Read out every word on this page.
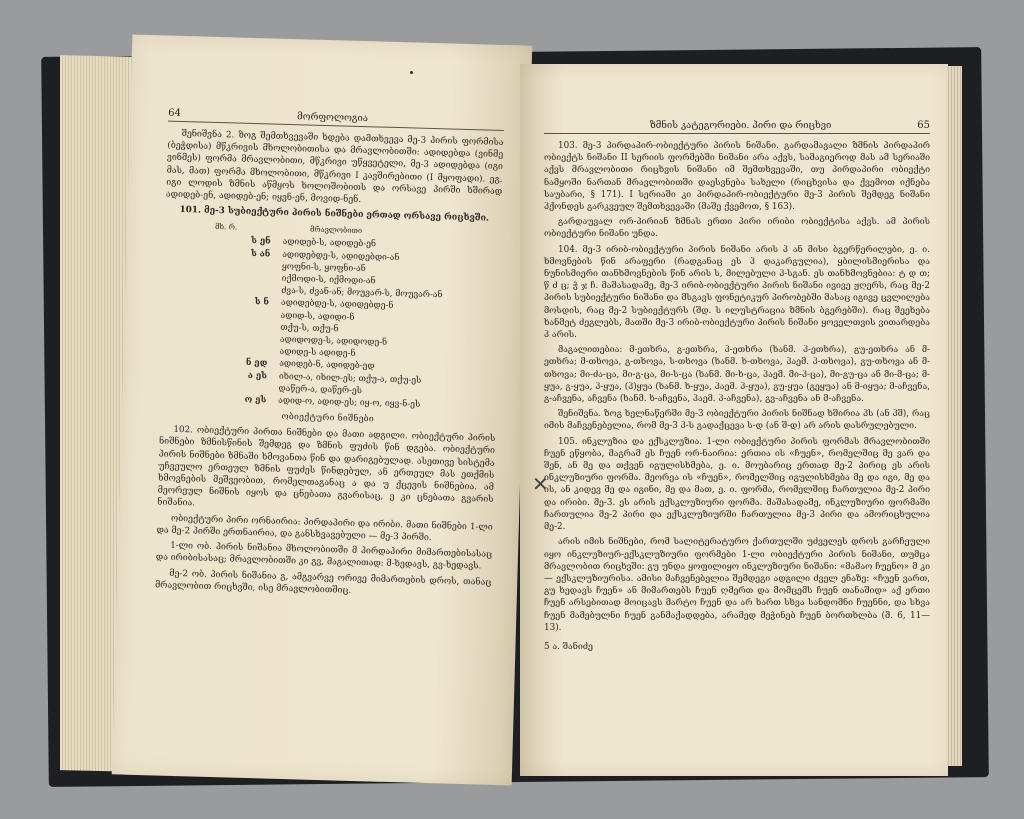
64	მორფოლოგია

შენიშვნა 2. ზოგ შემთხვევაში ხდება დამთხვევა მე-3 პირის ფორმისა (ბეჭდისა) მწკრივის მხოლობითისა და მრავლობითში: ადიდებდა (ვინმე ვინმეს) ფორმა მრავლობითი, მწკრივი უწყვეტელი, მე-3 ადიდებდა (იგი მას, მათ) ფორმა მხოლობითი, მწკრივი I კავშირებითი (I მყოფადი). ეგ. იგი ლოდის ზმნის აწმყოს ხოლოშობითს და ორსავე პირში ხშირად ადიდებ-ენ, ადიდებ-ენ; იყვნ-ენ, მოვიდ-ნენ.

101. მე-3 სუბიექტური პირის ნიშნები ერთად ორსავე რიცხვში.

მხ. რ.	მრავლობითი
ს ენ	ადიდებ-ს, ადიდებ-ენ
ს ან	ადიდებდე-ს, ადიდებდი-ან
ყოფნი-ს, ყოფნი-ან
იქმოდი-ს, იქმოდი-ან
ძვა-ს, ძვან-ან; მოუვარ-ს, მოუვარ-ან
ს ნ	ადიდებდე-ს, ადიდებდე-ნ
ადიდ-ს, ადიდი-ნ
თქუ-ს, თქუ-ნ
ადიდოდე-ს, ადიდოდე-ნ
ადიდე-ს ადიდე-ნ
ნ ედ	ადიდებ-ნ, ადიდებ-ედ
ა ეს	იხილ-ა, იხილ-ეს; თქუ-ა, თქუ-ეს
დაწერ-ა, დაწერ-ეს
ო ეს	ადიდ-ო, ადიდ-ეს; იყ-ო, იყვ-ნ-ეს
ობიექტური ნიშნები

102. ობიექტური პირთა ნიშნები და მათი ადგილი. ობიექტური პირის ნიშნები ზმნისწინის შემდეგ და ზმნის ფუძის წინ დგება. ობიექტური პირის ნიშნები ზმნაში ხმოვანთა წინ და დარიგებულად. ასეთივე სისტემა უჩვეულო ერთეულ ზმნის ფუძეს წინდებულ, ან ერთეულ მას ეთქმის ხმოვნების მეშვეობით, რომელთაგანაც ა და უ ქცევის ნიშნებია. ამ მეორეულ ნიშნის იყოს და ცნებათა გვარისაც, ე კი ცნებათა გვარის ნიშანია.

ობიექტური პირი ორნაირია: პირდაპირი და ირიბი. მათი ნიშნები 1-ლი და მე-2 პირში ერთნაირია, და განსხვავებული — მე-3 პირში.

1-ლი ობ. პირის ნიშანია მხოლობითში მ პირდაპირი მიმართებისასაც და ირიბისასაც; მრავლობითში კი გვ, მაგალითად: მ-ხედავს, გვ-ხედავს.

მე-2 ობ. პირის ნიშანია გ, ამგვარვე ორივე მიმართების დროს, თანაც მრავლობით რიცხვში, ისე მრავლობითშიც.

ზმნის კატეგორიები. პირი და რიცხვი	65

103. მე-3 პირდაპირ-ობიექტური პირის ნიშანი. გარდამავალი ზმნის პირდაპირ ობიექტს ნიშანი II სერიის ფორმებში ნიშანი არა აქვს, სამაგიეროდ მას ამ სერიაში აქვს მრავლობითი რიცხვის ნიშანი იმ შემთხვევაში, თუ პირდაპირი ობიექტი ნამყოში ნართან მრავლობითში დაესვნება სახელი (რიცხვისა და ქვემოთ იქნება საუბარი, § 171). I სერიაში კი პირდაპირ-ობიექტური მე-3 პირის შემდეგ ნიშანი ჰქონდეს გარკვეულ შემთხვევაში (მაშე ქვემოთ, § 163).

გარდაუვალ ორ-პირიან ზმნას ერთი პირი ირიბი ობიექტისა აქვს. ამ პირის ობიექტური ნიშანი უნდა.

104. მე-3 ირიბ-ობიექტური პირის ნიშანი არის ჰ ან მისი ბგერწერილები, ე. ი. ხმოვნების წინ არაფერი (რადგანაც ეს ჰ დაკარგულია), ყბილისმიერისა და ნუნისმიერი თანხმოვნების წინ არის ს, მილებული ჰ-სგან. ეს თანხმოვნებია: ტ დ თ; წ ძ ც; ჭ ჯ ჩ. მაშასადამე, მე-3 ირიბ-ობიექტური პირის ნიშანი ივივე ჟღერს, რაც მე-2 პირის სუბიექტური ნიშანი და მსგავს ფონეტიკურ პირობებში მასაც იგივე ცვლილება მოსდის, რაც მე-2 სუბიექტურს (შდ. ს ილუსტრაცია ზმნის ბგერებში). რაც შეეხება ხანმეტ ძეგლებს, მათში მე-3 ირიბ-ობიექტური პირის ნიშანი ყოველთვის ვითარდება ჰ არის.

მაგალითებია: მ-ეთხრა, გ-ეთხრა, ჰ-ეთხრა (ხანმ. ჰ-ეთხრა), გუ-ეთხრა ან მ-ეთხრა; მ-თხოვა, გ-თხოვა, ს-თხოვა (ხანმ. ხ-თხოვა, ჰაემ. ჰ-თხოვა), გუ-თხოვა ან მ-თხოვა; მი-ძა-ცა, მი-გ-ცა, მი-ს-ცა (ხანმ. მი-ხ-ცა, ჰაემ. მი-ჰ-ცა), მი-გუ-ცა ან მი-მ-ცა; მ-ყუა, გ-ყუა, ჰ-ყუა, (ჰ)ყუა (ხანმ. ხ-ყუა, ჰაემ. ჰ-ყუა), გუ-ყუა (გეყუა) ან მ-იყუა; მ-აჩვენა, გ-აჩვენა, აჩვენა (ხანმ. ხ-აჩვენა, ჰაემ. ჰ-აჩვენა), გვ-აჩვენა ან მ-აჩვენა.

შენიშვნა. ზოგ ხელნაწერში მე-3 ობიექტური პირის ნიშნად ხშირია ჰს (ან ჰშ), რაც იმის მაჩვენებელია, რომ მე-3 ჰ-ს გადაქცევა ს-დ (ან შ-დ) არ არის დასრულებული.

105. ინკლუზია და ექსკლუზია. 1-ლი ობიექტური პირის ფორმას მრავლობითში ჩუენ ეწყობა, მაგრამ ეს ჩუენ ორ-ნაირია: ერთია ის «ჩუენ», რომელშიც მე ვარ და შენ, ან მე და თქვენ იგულისხმება, ე. ი. მოუბარიც ერთად მე-2 პირიც ეს არის ინკლუზიური ფორმა. მეორეა ის «ჩუენ», რომელშიც იგულისხმება მე და იგი, მე და ის, ან კიდევ მე და იგინი, მე და მათ, ე. ი. ფორმა, რომელშიც ჩართულია მე-2 პირი და ირიბი. მე-3. ეს არის ექსკლუზიური ფორმა. მაშასადამე, ინკლუზიური ფორმაში ჩართულია მე-2 პირი და ექსკლუზიურში ჩართულია მე-3 პირი და ამორიცხულია მე-2.

არის იმის ნიშნები, რომ სალიტერატურო ქართულში უძველეს დროს გარჩეული იყო ინკლუზიურ-ექსკლუზიური ფორმები 1-ლი ობიექტური პირის ნიშანი, თუმცა მრავლობით რიცხვში: გუ უნდა ყოფილიყო ინკლუზიური ნიშანი: «მამაო ჩუენო» მ კი — ექსკლუზიურისა. ამისი მაჩვენებელია შემდეგი ადგილი ძველ ენაზე: «ჩუენ ვართ, გუ ხედავს ჩუენ» ან მიმართებს ჩუენ ღმერთ და მომცემს ჩუენ თანაშიდ» აქ ერთი ჩუენ არსებითად მოიცავს მარტო ჩუენ და არ ხართ სხვა სანდომნი ჩუენნი, და სხვა ჩუენ მამებულნი ჩუენ განმაქადდება, არამედ მეჭინებ ჩუენ ბორთხლბა (მ. 6, 11—13).

5 ა. შანიძე
✕
